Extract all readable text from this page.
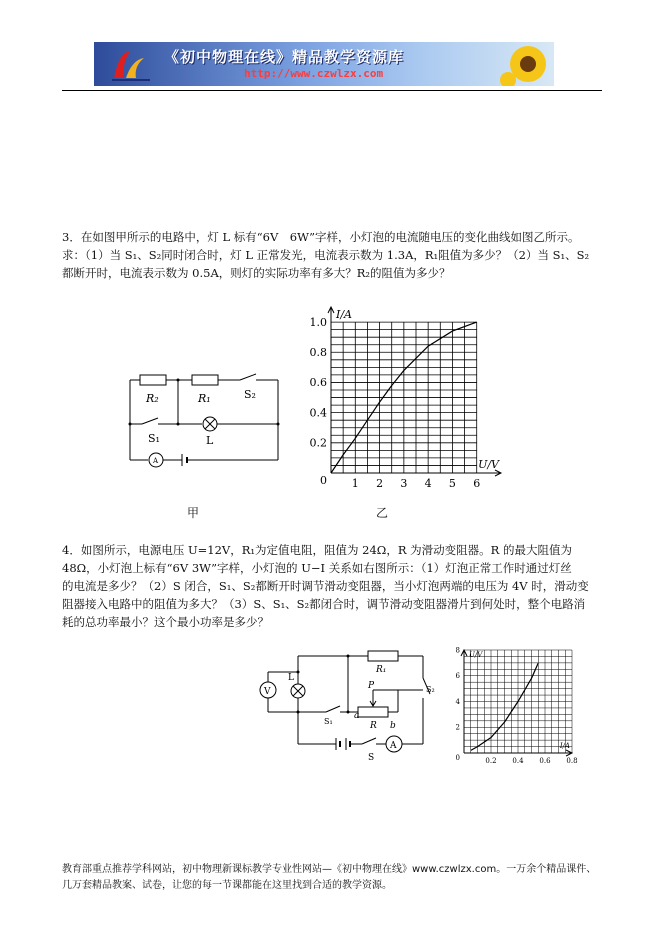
《初中物理在线》精品教学资源库
http://www.czwlzx.com
3．在如图甲所示的电路中，灯 L 标有“6V　6W”字样，小灯泡的电流随电压的变化曲线如图乙所示。
求：（1）当 S₁、S₂同时闭合时，灯 L 正常发光，电流表示数为 1.3A，R₁阻值为多少？（2）当 S₁、S₂
都断开时，电流表示数为 0.5A，则灯的实际功率有多大？R₂的阻值为多少？
R₂	R₁	S₂
S₁	L
A
甲
1 2 3 4 5 6
0.2
0.4
0.6
0.8
1.0
0
U/V
I/A
乙
4．如图所示，电源电压 U=12V，R₁为定值电阻，阻值为 24Ω，R 为滑动变阻器。R 的最大阻值为
48Ω，小灯泡上标有“6V 3W”字样，小灯泡的 U−I 关系如右图所示：（1）灯泡正常工作时通过灯丝
的电流是多少？（2）S 闭合，S₁、S₂都断开时调节滑动变阻器，当小灯泡两端的电压为 4V 时，滑动变
阻器接入电路中的阻值为多大？（3）S、S₁、S₂都闭合时，调节滑动变阻器滑片到何处时，整个电路消
耗的总功率最小？这个最小功率是多少？
V
L
R₁
P
S₁
a
R b
S₂
S
A
0.2 0.4 0.6 0.8
2
4
6
8
0
I/A
U/V
教育部重点推荐学科网站，初中物理新课标教学专业性网站—《初中物理在线》www.czwlzx.com。一万余个精品课件、
几万套精品教案、试卷，让您的每一节课都能在这里找到合适的教学资源。
